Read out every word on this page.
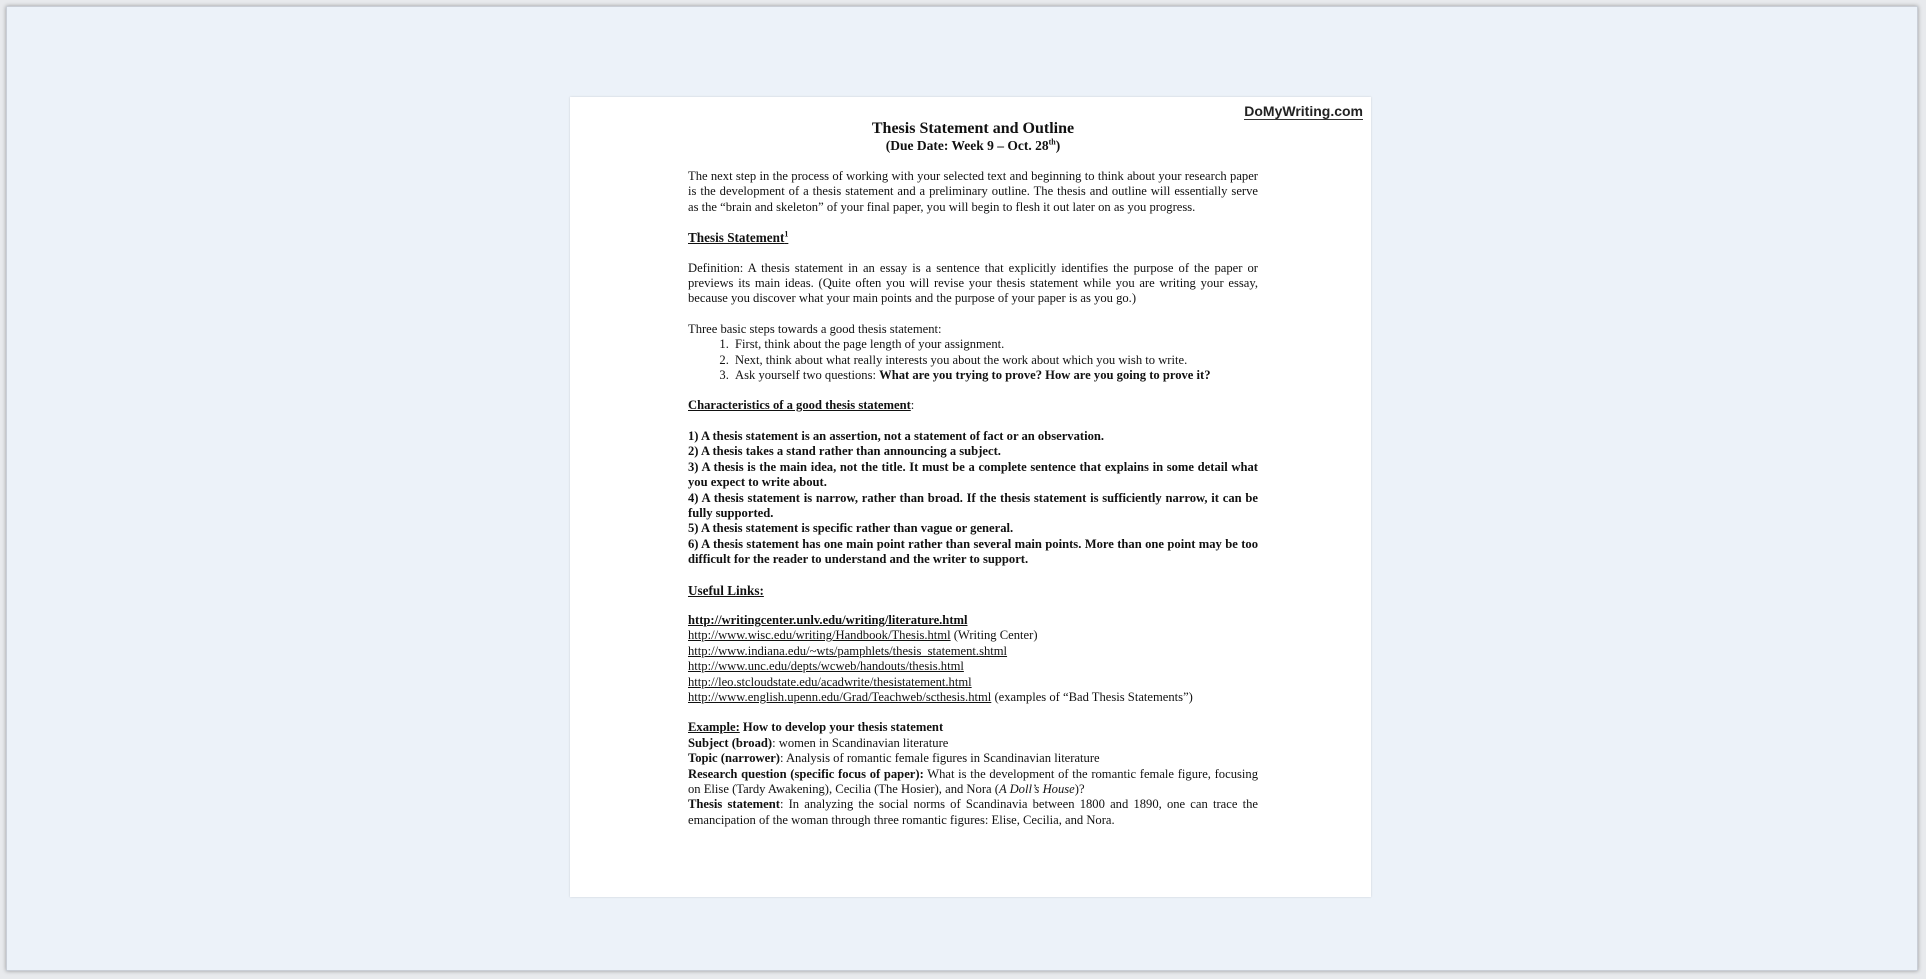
DoMyWriting.com
Thesis Statement and Outline
(Due Date: Week 9 – Oct. 28th)

The next step in the process of working with your selected text and beginning to think about your research paper is the development of a thesis statement and a preliminary outline. The thesis and outline will essentially serve as the “brain and skeleton” of your final paper, you will begin to flesh it out later on as you progress.

Thesis Statement$^1$

Definition: A thesis statement in an essay is a sentence that explicitly identifies the purpose of the paper or previews its main ideas. (Quite often you will revise your thesis statement while you are writing your essay, because you discover what your main points and the purpose of your paper is as you go.)

Three basic steps towards a good thesis statement:
1. First, think about the page length of your assignment.
2. Next, think about what really interests you about the work about which you wish to write.
3. Ask yourself two questions: What are you trying to prove? How are you going to prove it?
Characteristics of a good thesis statement:

1) A thesis statement is an assertion, not a statement of fact or an observation.

2) A thesis takes a stand rather than announcing a subject.

3) A thesis is the main idea, not the title. It must be a complete sentence that explains in some detail what you expect to write about.

4) A thesis statement is narrow, rather than broad. If the thesis statement is sufficiently narrow, it can be fully supported.

5) A thesis statement is specific rather than vague or general.

6) A thesis statement has one main point rather than several main points. More than one point may be too difficult for the reader to understand and the writer to support.

Useful Links:
http://writingcenter.unlv.edu/writing/literature.html
http://www.wisc.edu/writing/Handbook/Thesis.html (Writing Center)
http://www.indiana.edu/~wts/pamphlets/thesis_statement.shtml
http://www.unc.edu/depts/wcweb/handouts/thesis.html
http://leo.stcloudstate.edu/acadwrite/thesistatement.html
http://www.english.upenn.edu/Grad/Teachweb/scthesis.html (examples of “Bad Thesis Statements”)
Example: How to develop your thesis statement

Subject (broad): women in Scandinavian literature

Topic (narrower): Analysis of romantic female figures in Scandinavian literature

Research question (specific focus of paper): What is the development of the romantic female figure, focusing on Elise (Tardy Awakening), Cecilia (The Hosier), and Nora (A Doll’s House)?

Thesis statement: In analyzing the social norms of Scandinavia between 1800 and 1890, one can trace the emancipation of the woman through three romantic figures: Elise, Cecilia, and Nora.
